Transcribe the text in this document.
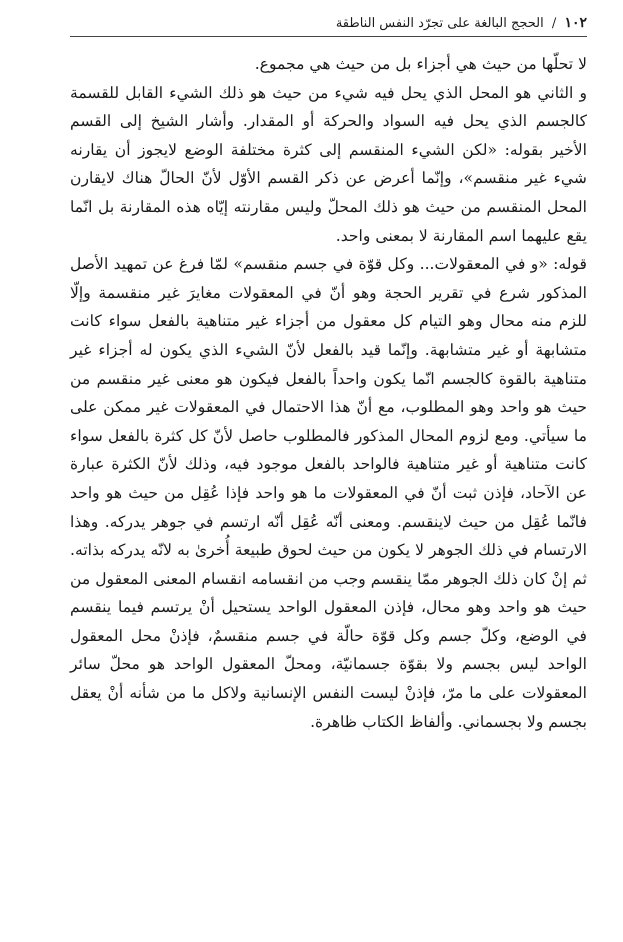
١٠٢ / الحجج البالغة على تجرّد النفس الناطقة

لا تحلّها من حيث هي أجزاء بل من حيث هي مجموع.

و الثاني هو المحل الذي يحل فيه شيء من حيث هو ذلك الشيء القابل للقسمة كالجسم الذي يحل فيه السواد والحركة أو المقدار. وأشار الشيخ إلى القسم الأخير بقوله: «لكن الشيء المنقسم إلى كثرة مختلفة الوضع لايجوز أن يقارنه شيء غير منقسم»، وإنّما أعرض عن ذكر القسم الأوّل لأنّ الحالّ هناك لايقارن المحل المنقسم من حيث هو ذلك المحلّ وليس مقارنته إيّاه هذه المقارنة بل انّما يقع عليهما اسم المقارنة لا بمعنى واحد.

قوله: «و في المعقولات... وكل قوّة في جسم منقسم» لمّا فرغ عن تمهيد الأصل المذكور شرع في تقرير الحجة وهو أنّ في المعقولات مغايرَ غير منقسمة وإلّا للزم منه محال وهو التيام كل معقول من أجزاء غير متناهية بالفعل سواء كانت متشابهة أو غير متشابهة. وإنّما قيد بالفعل لأنّ الشيء الذي يكون له أجزاء غير متناهية بالقوة كالجسم انّما يكون واحداً بالفعل فيكون هو معنى غير منقسم من حيث هو واحد وهو المطلوب، مع أنّ هذا الاحتمال في المعقولات غير ممكن على ما سيأتي. ومع لزوم المحال المذكور فالمطلوب حاصل لأنّ كل كثرة بالفعل سواء كانت متناهية أو غير متناهية فالواحد بالفعل موجود فيه، وذلك لأنّ الكثرة عبارة عن الآحاد، فإذن ثبت أنّ في المعقولات ما هو واحد فإذا عُقِل من حيث هو واحد فانّما عُقِل من حيث لاينقسم. ومعنى أنّه عُقِل أنّه ارتسم في جوهر يدركه. وهذا الارتسام في ذلك الجوهر لا يكون من حيث لحوق طبيعة أُخرىٰ به لانّه يدركه بذاته. ثم إنْ كان ذلك الجوهر ممّا ينقسم وجب من انقسامه انقسام المعنى المعقول من حيث هو واحد وهو محال، فإذن المعقول الواحد يستحيل أنْ يرتسم فيما ينقسم في الوضع، وكلّ جسم وكل قوّة حالّة في جسم منقسمٌ، فإذنْ محل المعقول الواحد ليس بجسم ولا بقوّة جسمانيّة، ومحلّ المعقول الواحد هو محلّ سائر المعقولات على ما مرّ، فإذنْ ليست النفس الإنسانية ولاكل ما من شأنه أنْ يعقل بجسم ولا بجسماني. وألفاظ الكتاب ظاهرة.
